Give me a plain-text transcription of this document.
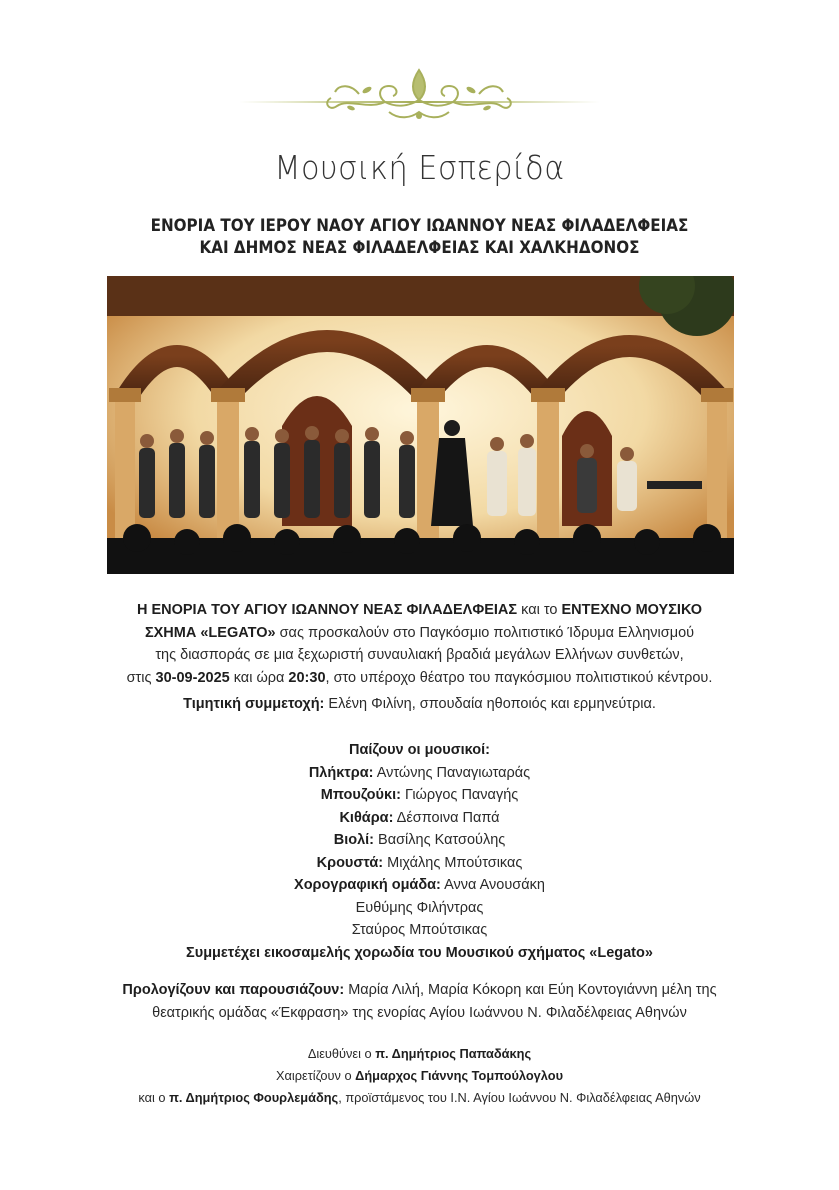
Μουσική Εσπερίδα
ΕΝΟΡΙΑ ΤΟΥ ΙΕΡΟΥ ΝΑΟΥ ΑΓΙΟΥ ΙΩΑΝΝΟΥ ΝΕΑΣ ΦΙΛΑΔΕΛΦΕΙΑΣ
ΚΑΙ ΔΗΜΟΣ ΝΕΑΣ ΦΙΛΑΔΕΛΦΕΙΑΣ ΚΑΙ ΧΑΛΚΗΔΟΝΟΣ
Η ΕΝΟΡΙΑ ΤΟΥ ΑΓΙΟΥ ΙΩΑΝΝΟΥ ΝΕΑΣ ΦΙΛΑΔΕΛΦΕΙΑΣ και το ΕΝΤΕΧΝΟ ΜΟΥΣΙΚΟ
ΣΧΗΜΑ «LEGATO» σας προσκαλούν στο Παγκόσμιο πολιτιστικό Ίδρυμα Ελληνισμού
της διασποράς σε μια ξεχωριστή συναυλιακή βραδιά μεγάλων Ελλήνων συνθετών,
στις 30-09-2025 και ώρα 20:30, στο υπέροχο θέατρο του παγκόσμιου πολιτιστικού κέντρου.
Τιμητική συμμετοχή: Ελένη Φιλίνη, σπουδαία ηθοποιός και ερμηνεύτρια.
Παίζουν οι μουσικοί:
Πλήκτρα: Αντώνης Παναγιωταράς
Μπουζούκι: Γιώργος Παναγής
Κιθάρα: Δέσποινα Παπά
Βιολί: Βασίλης Κατσούλης
Κρουστά: Μιχάλης Μπούτσικας
Χορογραφική ομάδα: Αννα Ανουσάκη
Ευθύμης Φιλήντρας
Σταύρος Μπούτσικας
Συμμετέχει εικοσαμελής χορωδία του Μουσικού σχήματος «Legato»
Προλογίζουν και παρουσιάζουν: Μαρία Λιλή, Μαρία Κόκορη και Εύη Κοντογιάννη μέλη της
θεατρικής ομάδας «Έκφραση» της ενορίας Αγίου Ιωάννου Ν. Φιλαδέλφειας Αθηνών
Διευθύνει ο π. Δημήτριος Παπαδάκης
Χαιρετίζουν ο Δήμαρχος Γιάννης Τομπούλογλου
και ο π. Δημήτριος Φουρλεμάδης, προϊστάμενος του Ι.Ν. Αγίου Ιωάννου Ν. Φιλαδέλφειας Αθηνών
